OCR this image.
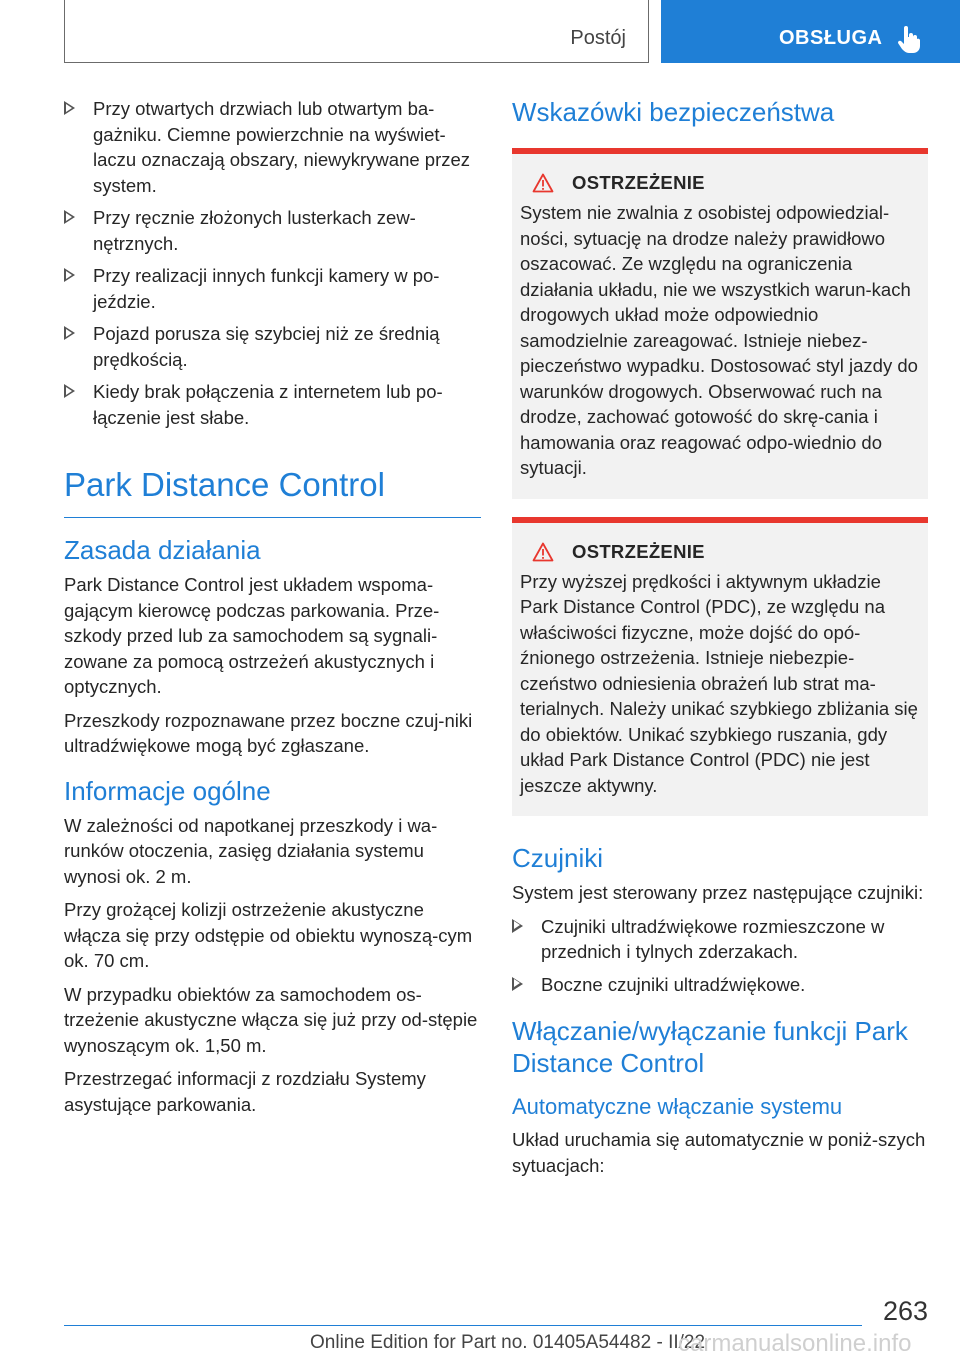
Postój	OBSŁUGA
Przy otwartych drzwiach lub otwartym ba-gażniku. Ciemne powierzchnie na wyświet-laczu oznaczają obszary, niewykrywane przez system.
Przy ręcznie złożonych lusterkach zew-nętrznych.
Przy realizacji innych funkcji kamery w po-jeździe.
Pojazd porusza się szybciej niż ze średnią prędkością.
Kiedy brak połączenia z internetem lub po-łączenie jest słabe.
Park Distance Control
Zasada działania

Park Distance Control jest układem wspoma-gającym kierowcę podczas parkowania. Prze-szkody przed lub za samochodem są sygnali-zowane za pomocą ostrzeżeń akustycznych i optycznych.

Przeszkody rozpoznawane przez boczne czuj-niki ultradźwiękowe mogą być zgłaszane.

Informacje ogólne

W zależności od napotkanej przeszkody i wa-runków otoczenia, zasięg działania systemu wynosi ok. 2 m.

Przy grożącej kolizji ostrzeżenie akustyczne włącza się przy odstępie od obiektu wynoszą-cym ok. 70 cm.

W przypadku obiektów za samochodem os-trzeżenie akustyczne włącza się już przy od-stępie wynoszącym ok. 1,50 m.

Przestrzegać informacji z rozdziału Systemy asystujące parkowania.

Wskazówki bezpieczeństwa
OSTRZEŻENIE

System nie zwalnia z osobistej odpowiedzial-ności, sytuację na drodze należy prawidłowo oszacować. Ze względu na ograniczenia działania układu, nie we wszystkich warun-kach drogowych układ może odpowiednio samodzielnie zareagować. Istnieje niebez-pieczeństwo wypadku. Dostosować styl jazdy do warunków drogowych. Obserwować ruch na drodze, zachować gotowość do skrę-cania i hamowania oraz reagować odpo-wiednio do sytuacji.

OSTRZEŻENIE

Przy wyższej prędkości i aktywnym układzie Park Distance Control (PDC), ze względu na właściwości fizyczne, może dojść do opó-źnionego ostrzeżenia. Istnieje niebezpie-czeństwo odniesienia obrażeń lub strat ma-terialnych. Należy unikać szybkiego zbliżania się do obiektów. Unikać szybkiego ruszania, gdy układ Park Distance Control (PDC) nie jest jeszcze aktywny.

Czujniki

System jest sterowany przez następujące czujniki:

Czujniki ultradźwiękowe rozmieszczone w przednich i tylnych zderzakach.
Boczne czujniki ultradźwiękowe.
Włączanie/wyłączanie funkcji Park Distance Control
Automatyczne włączanie systemu

Układ uruchamia się automatycznie w poniż-szych sytuacjach:

263
Online Edition for Part no. 01405A54482 - II/22
carmanualsonline.info
